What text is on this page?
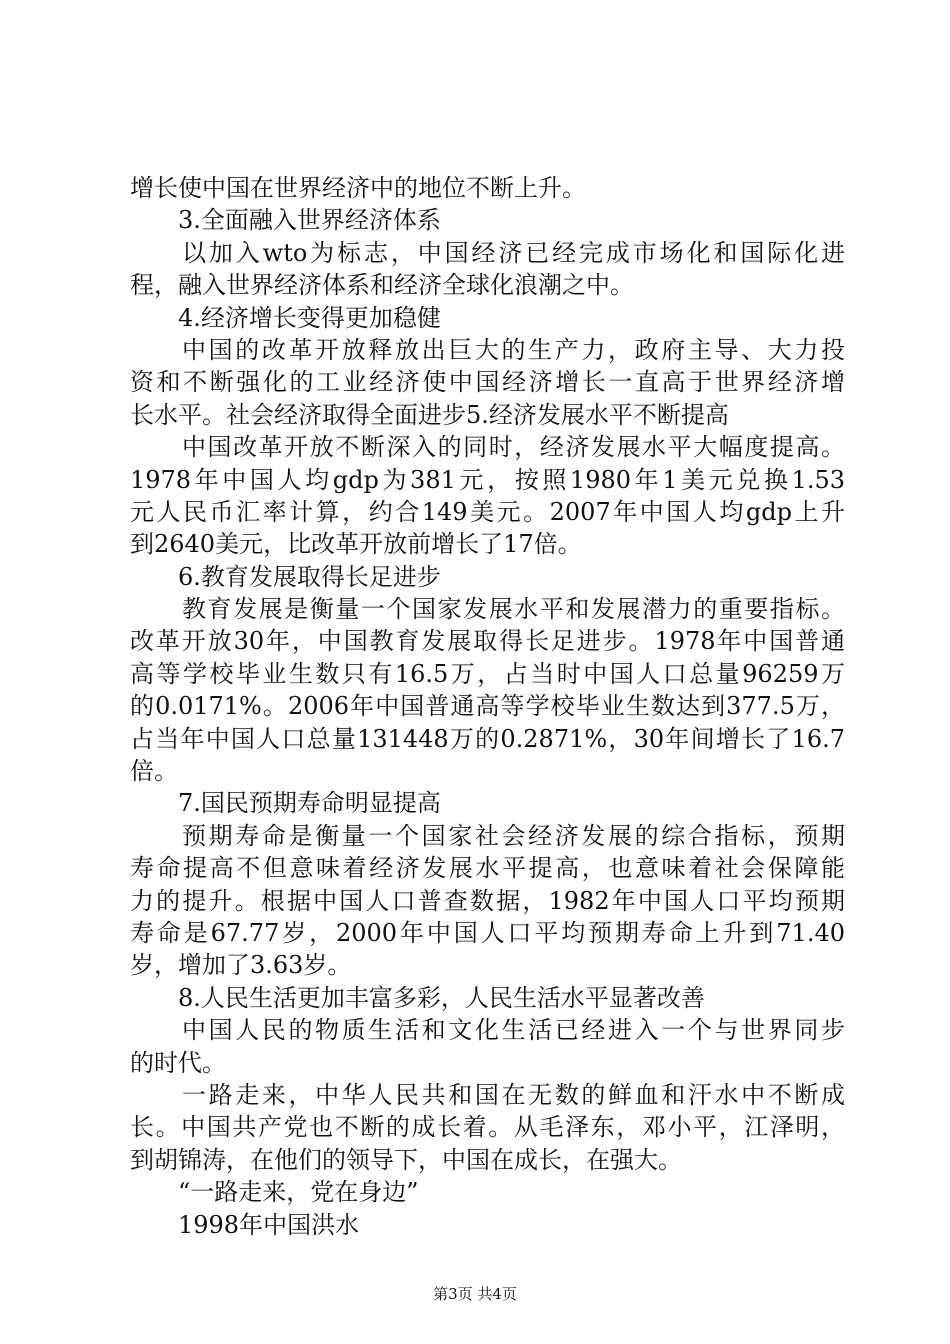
增长使中国在世界经济中的地位不断上升。
3.全面融入世界经济体系
以加入wto为标志，中国经济已经完成市场化和国际化进
程，融入世界经济体系和经济全球化浪潮之中。
4.经济增长变得更加稳健
中国的改革开放释放出巨大的生产力，政府主导、大力投
资和不断强化的工业经济使中国经济增长一直高于世界经济增
长水平。社会经济取得全面进步5.经济发展水平不断提高
中国改革开放不断深入的同时，经济发展水平大幅度提高。
1978年中国人均gdp为381元，按照1980年1美元兑换1.53
元人民币汇率计算，约合149美元。2007年中国人均gdp上升
到2640美元，比改革开放前增长了17倍。
6.教育发展取得长足进步
教育发展是衡量一个国家发展水平和发展潜力的重要指标。
改革开放30年，中国教育发展取得长足进步。1978年中国普通
高等学校毕业生数只有16.5万，占当时中国人口总量96259万
的0.0171%。2006年中国普通高等学校毕业生数达到377.5万，
占当年中国人口总量131448万的0.2871%，30年间增长了16.7
倍。
7.国民预期寿命明显提高
预期寿命是衡量一个国家社会经济发展的综合指标，预期
寿命提高不但意味着经济发展水平提高，也意味着社会保障能
力的提升。根据中国人口普查数据，1982年中国人口平均预期
寿命是67.77岁，2000年中国人口平均预期寿命上升到71.40
岁，增加了3.63岁。
8.人民生活更加丰富多彩，人民生活水平显著改善
中国人民的物质生活和文化生活已经进入一个与世界同步
的时代。
一路走来，中华人民共和国在无数的鲜血和汗水中不断成
长。中国共产党也不断的成长着。从毛泽东，邓小平，江泽明，
到胡锦涛，在他们的领导下，中国在成长，在强大。
“一路走来，党在身边”
1998年中国洪水
第3页 共4页
